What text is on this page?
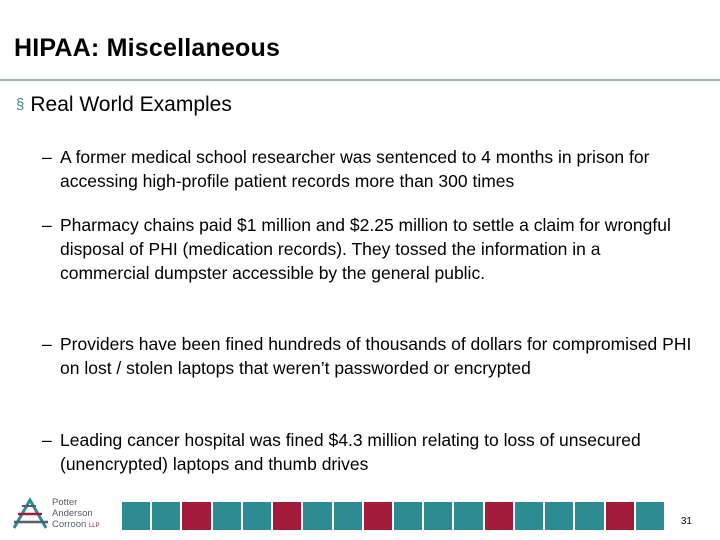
HIPAA: Miscellaneous
§ Real World Examples
– A former medical school researcher was sentenced to 4 months in prison for accessing high-profile patient records more than 300 times
– Pharmacy chains paid $1 million and $2.25 million to settle a claim for wrongful disposal of PHI (medication records). They tossed the information in a commercial dumpster accessible by the general public.
– Providers have been fined hundreds of thousands of dollars for compromised PHI on lost / stolen laptops that weren’t passworded or encrypted
– Leading cancer hospital was fined $4.3 million relating to loss of unsecured (unencrypted) laptops and thumb drives
Potter
Anderson
Corroon LLP	31
